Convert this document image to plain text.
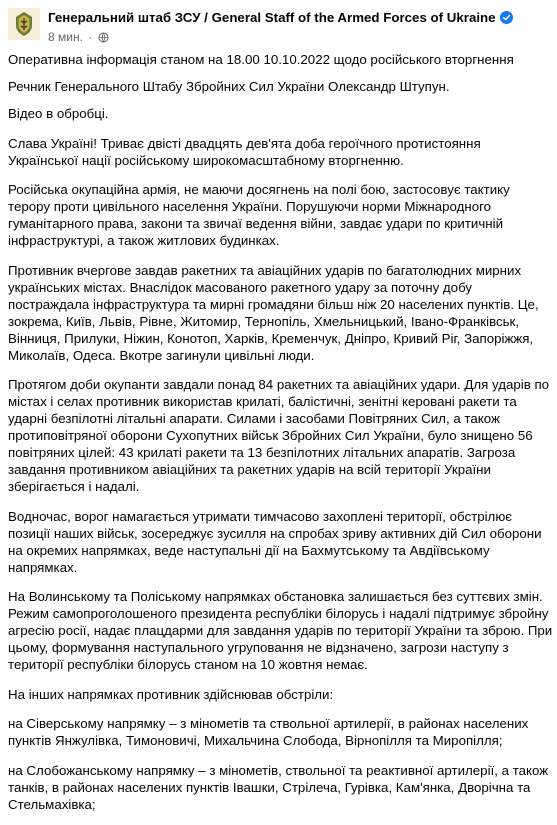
Генеральний штаб ЗСУ / General Staff of the Armed Forces of Ukraine
8 мин. ·

Оперативна інформація станом на 18.00 10.10.2022 щодо російського вторгнення

Речник Генерального Штабу Збройних Сил України Олександр Штупун.

Відео в обробці.

Слава Україні! Триває двісті двадцять дев'ята доба героїчного протистояння Української нації російському широкомасштабному вторгненню.

Російська окупаційна армія, не маючи досягнень на полі бою, застосовує тактику терору проти цивільного населення України. Порушуючи норми Міжнародного гуманітарного права, закони та звичаї ведення війни, завдає удари по критичній інфраструктурі, а також житлових будинках.

Противник вчергове завдав ракетних та авіаційних ударів по багатолюдних мирних українських містах. Внаслідок масованого ракетного удару за поточну добу постраждала інфраструктура та мирні громадяни більш ніж 20 населених пунктів. Це, зокрема, Київ, Львів, Рівне, Житомир, Тернопіль, Хмельницький, Івано-Франківськ, Вінниця, Прилуки, Ніжин, Конотоп, Харків, Кременчук, Дніпро, Кривий Ріг, Запоріжжя, Миколаїв, Одеса. Вкотре загинули цивільні люди.

Протягом доби окупанти завдали понад 84 ракетних та авіаційних удари. Для ударів по містах і селах противник використав крилаті, балістичні, зенітні керовані ракети та ударні безпілотні літальні апарати. Силами і засобами Повітряних Сил, а також протиповітряної оборони Сухопутних військ Збройних Сил України, було знищено 56 повітряних цілей: 43 крилаті ракети та 13 безпілотних літальних апаратів. Загроза завдання противником авіаційних та ракетних ударів на всій території України зберігається і надалі.

Водночас, ворог намагається утримати тимчасово захоплені території, обстрілює позиції наших військ, зосереджує зусилля на спробах зриву активних дій Сил оборони на окремих напрямках, веде наступальні дії на Бахмутському та Авдіївському напрямках.

На Волинському та Поліському напрямках обстановка залишається без суттєвих змін. Режим самопроголошеного президента республіки білорусь і надалі підтримує збройну агресію росії, надає плацдарми для завдання ударів по території України та зброю. При цьому, формування наступального угруповання не відзначено, загрози наступу з території республіки білорусь станом на 10 жовтня немає.

На інших напрямках противник здійснював обстріли:

на Сіверському напрямку – з мінометів та ствольної артилерії, в районах населених пунктів Янжулівка, Тимоновичі, Михальчина Слобода, Вірнопілля та Миропілля;

на Слобожанському напрямку – з мінометів, ствольної та реактивної артилерії, а також танків, в районах населених пунктів Івашки, Стрілеча, Гурівка, Кам'янка, Дворічна та Стельмахівка;
